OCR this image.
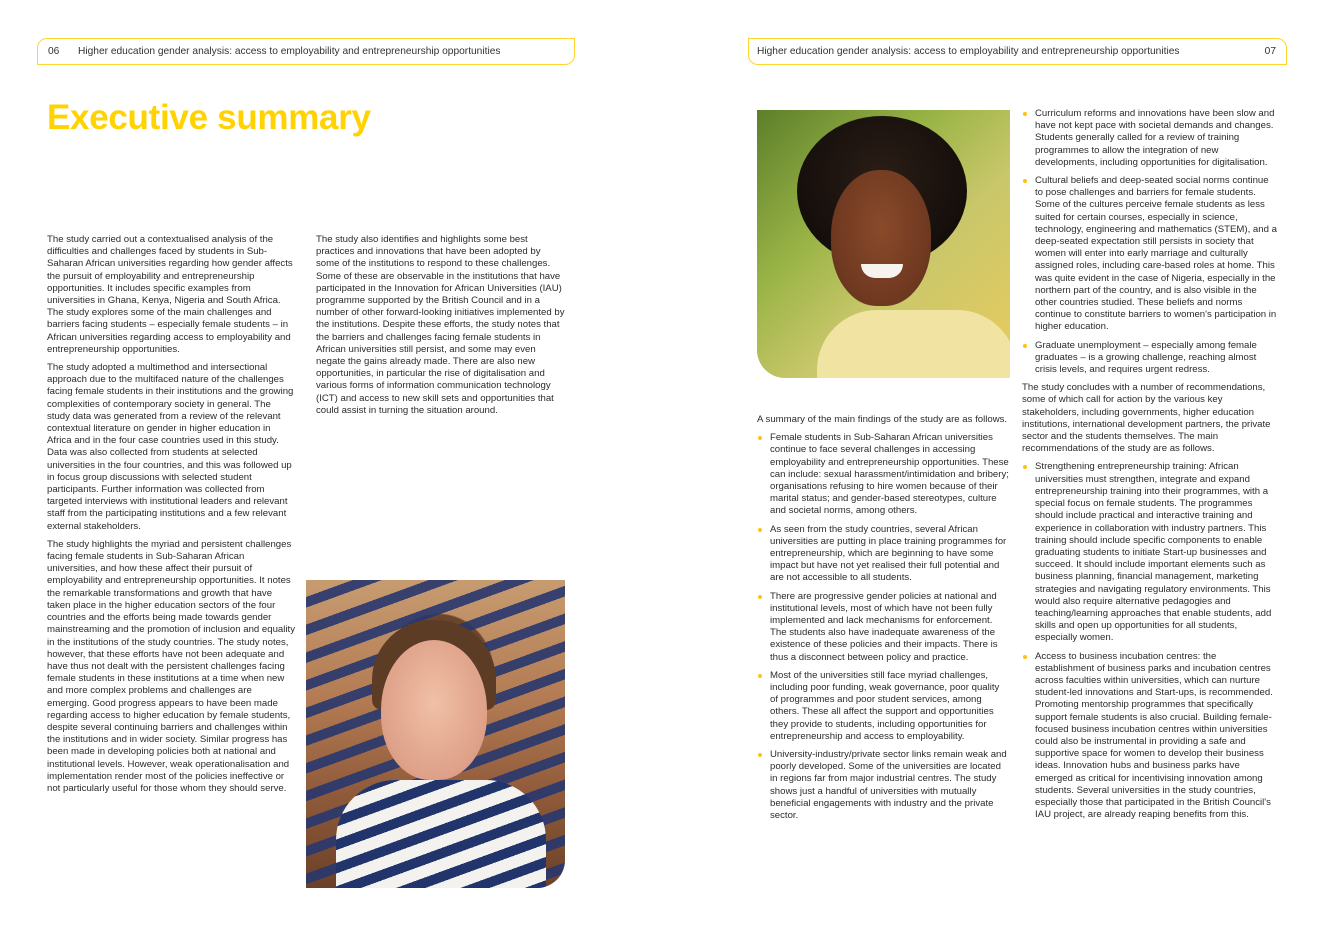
06	Higher education gender analysis: access to employability and entrepreneurship opportunities	Higher education gender analysis: access to employability and entrepreneurship opportunities	07
Executive summary

The study carried out a contextualised analysis of the difficulties and challenges faced by students in Sub-Saharan African universities regarding how gender affects the pursuit of employability and entrepreneurship opportunities. It includes specific examples from universities in Ghana, Kenya, Nigeria and South Africa. The study explores some of the main challenges and barriers facing students – especially female students – in African universities regarding access to employability and entrepreneurship opportunities.

The study adopted a multimethod and intersectional approach due to the multifaced nature of the challenges facing female students in their institutions and the growing complexities of contemporary society in general. The study data was generated from a review of the relevant contextual literature on gender in higher education in Africa and in the four case countries used in this study. Data was also collected from students at selected universities in the four countries, and this was followed up in focus group discussions with selected student participants. Further information was collected from targeted interviews with institutional leaders and relevant staff from the participating institutions and a few relevant external stakeholders.

The study highlights the myriad and persistent challenges facing female students in Sub-Saharan African universities, and how these affect their pursuit of employability and entrepreneurship opportunities. It notes the remarkable transformations and growth that have taken place in the higher education sectors of the four countries and the efforts being made towards gender mainstreaming and the promotion of inclusion and equality in the institutions of the study countries. The study notes, however, that these efforts have not been adequate and have thus not dealt with the persistent challenges facing female students in these institutions at a time when new and more complex problems and challenges are emerging. Good progress appears to have been made regarding access to higher education by female students, despite several continuing barriers and challenges within the institutions and in wider society. Similar progress has been made in developing policies both at national and institutional levels. However, weak operationalisation and implementation render most of the policies ineffective or not particularly useful for those whom they should serve.

The study also identifies and highlights some best practices and innovations that have been adopted by some of the institutions to respond to these challenges. Some of these are observable in the institutions that have participated in the Innovation for African Universities (IAU) programme supported by the British Council and in a number of other forward-looking initiatives implemented by the institutions. Despite these efforts, the study notes that the barriers and challenges facing female students in African universities still persist, and some may even negate the gains already made. There are also new opportunities, in particular the rise of digitalisation and various forms of information communication technology (ICT) and access to new skill sets and opportunities that could assist in turning the situation around.

A summary of the main findings of the study are as follows.

Female students in Sub-Saharan African universities continue to face several challenges in accessing employability and entrepreneurship opportunities. These can include: sexual harassment/intimidation and bribery; organisations refusing to hire women because of their marital status; and gender-based stereotypes, culture and societal norms, among others.
As seen from the study countries, several African universities are putting in place training programmes for entrepreneurship, which are beginning to have some impact but have not yet realised their full potential and are not accessible to all students.
There are progressive gender policies at national and institutional levels, most of which have not been fully implemented and lack mechanisms for enforcement. The students also have inadequate awareness of the existence of these policies and their impacts. There is thus a disconnect between policy and practice.
Most of the universities still face myriad challenges, including poor funding, weak governance, poor quality of programmes and poor student services, among others. These all affect the support and opportunities they provide to students, including opportunities for entrepreneurship and access to employability.
University-industry/private sector links remain weak and poorly developed. Some of the universities are located in regions far from major industrial centres. The study shows just a handful of universities with mutually beneficial engagements with industry and the private sector.
Curriculum reforms and innovations have been slow and have not kept pace with societal demands and changes. Students generally called for a review of training programmes to allow the integration of new developments, including opportunities for digitalisation.
Cultural beliefs and deep-seated social norms continue to pose challenges and barriers for female students. Some of the cultures perceive female students as less suited for certain courses, especially in science, technology, engineering and mathematics (STEM), and a deep-seated expectation still persists in society that women will enter into early marriage and culturally assigned roles, including care-based roles at home. This was quite evident in the case of Nigeria, especially in the northern part of the country, and is also visible in the other countries studied. These beliefs and norms continue to constitute barriers to women's participation in higher education.
Graduate unemployment – especially among female graduates – is a growing challenge, reaching almost crisis levels, and requires urgent redress.

The study concludes with a number of recommendations, some of which call for action by the various key stakeholders, including governments, higher education institutions, international development partners, the private sector and the students themselves. The main recommendations of the study are as follows.

Strengthening entrepreneurship training: African universities must strengthen, integrate and expand entrepreneurship training into their programmes, with a special focus on female students. The programmes should include practical and interactive training and experience in collaboration with industry partners. This training should include specific components to enable graduating students to initiate Start-up businesses and succeed. It should include important elements such as business planning, financial management, marketing strategies and navigating regulatory environments. This would also require alternative pedagogies and teaching/learning approaches that enable students, add skills and open up opportunities for all students, especially women.
Access to business incubation centres: the establishment of business parks and incubation centres across faculties within universities, which can nurture student-led innovations and Start-ups, is recommended. Promoting mentorship programmes that specifically support female students is also crucial. Building female-focused business incubation centres within universities could also be instrumental in providing a safe and supportive space for women to develop their business ideas. Innovation hubs and business parks have emerged as critical for incentivising innovation among students. Several universities in the study countries, especially those that participated in the British Council's IAU project, are already reaping benefits from this.
